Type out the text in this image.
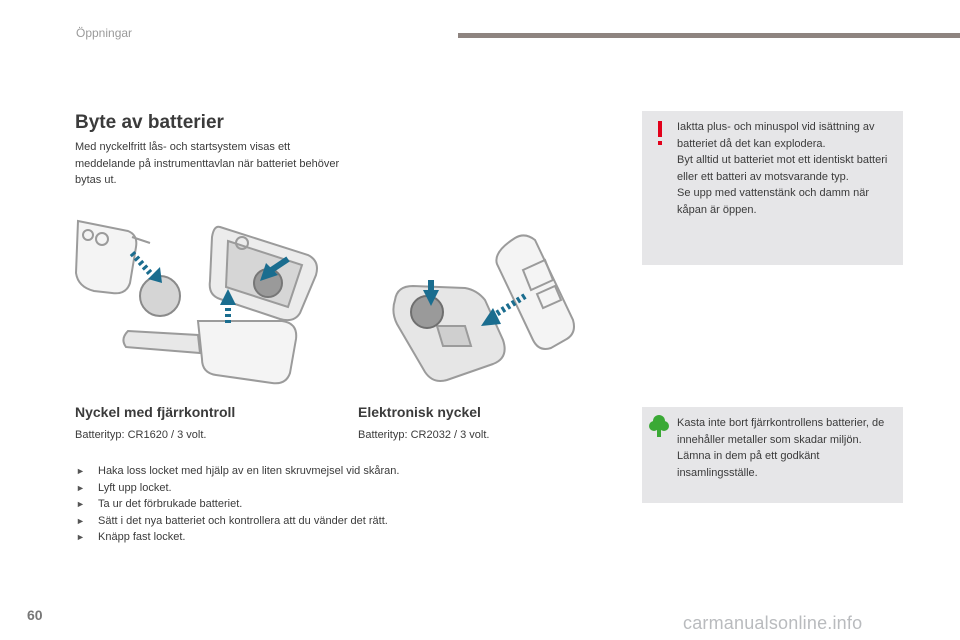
Öppningar
Byte av batterier
Med nyckelfritt lås- och startsystem visas ett meddelande på instrumenttavlan när batteriet behöver bytas ut.
Iaktta plus- och minuspol vid isättning av batteriet då det kan explodera.
Byt alltid ut batteriet mot ett identiskt batteri eller ett batteri av motsvarande typ.
Se upp med vattenstänk och damm när kåpan är öppen.
Nyckel med fjärrkontroll
Batterityp: CR1620 / 3 volt.
Elektronisk nyckel
Batterityp: CR2032 / 3 volt.
► Haka loss locket med hjälp av en liten skruvmejsel vid skåran.
► Lyft upp locket.
► Ta ur det förbrukade batteriet.
► Sätt i det nya batteriet och kontrollera att du vänder det rätt.
► Knäpp fast locket.
Kasta inte bort fjärrkontrollens batterier, de innehåller metaller som skadar miljön.
Lämna in dem på ett godkänt insamlingsställe.
60	carmanualsonline.info
